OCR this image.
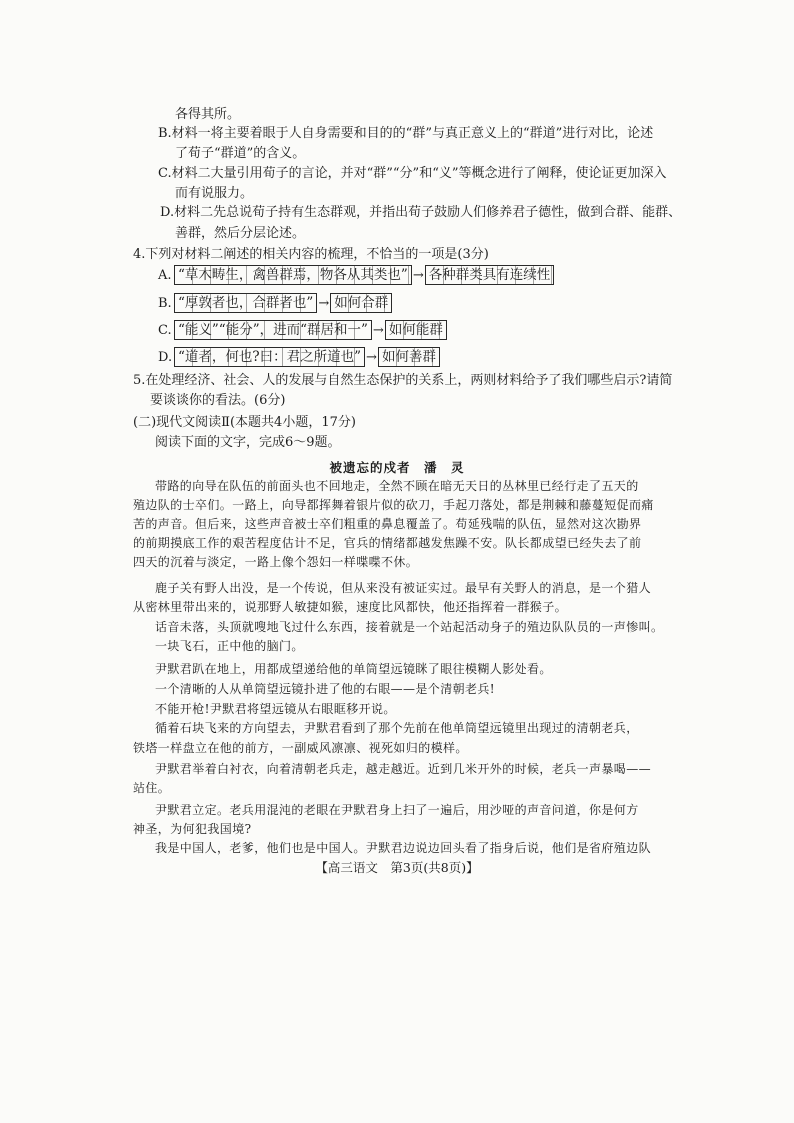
各得其所。
B.材料一将主要着眼于人自身需要和目的的“群”与真正意义上的“群道”进行对比，论述
了荀子“群道”的含义。
C.材料二大量引用荀子的言论，并对“群”“分”和“义”等概念进行了阐释，使论证更加深入
而有说服力。
D.材料二先总说荀子持有生态群观，并指出荀子鼓励人们修养君子德性，做到合群、能群、
善群，然后分层论述。
4.下列对材料二阐述的相关内容的梳理，不恰当的一项是(3分)
A. “草木畴生，禽兽群焉，物各从其类也” → 各种群类具有连续性
B. “厚敦者也，合群者也” → 如何合群
C. “能义”“能分”，进而“群居和一” → 如何能群
D. “道者，何也?曰：君之所道也” → 如何善群
5.在处理经济、社会、人的发展与自然生态保护的关系上，两则材料给予了我们哪些启示?请简
要谈谈你的看法。(6分)
(二)现代文阅读Ⅱ(本题共4小题，17分)
阅读下面的文字，完成6～9题。
被遗忘的戍者　潘　灵
带路的向导在队伍的前面头也不回地走，全然不顾在暗无天日的丛林里已经行走了五天的
殖边队的士卒们。一路上，向导都挥舞着银片似的砍刀，手起刀落处，都是荆棘和藤蔓短促而痛
苦的声音。但后来，这些声音被士卒们粗重的鼻息覆盖了。苟延残喘的队伍，显然对这次勘界
的前期摸底工作的艰苦程度估计不足，官兵的情绪都越发焦躁不安。队长都成望已经失去了前
四天的沉着与淡定，一路上像个怨妇一样喋喋不休。
鹿子关有野人出没，是一个传说，但从来没有被证实过。最早有关野人的消息，是一个猎人
从密林里带出来的，说那野人敏捷如猴，速度比风都快，他还指挥着一群猴子。
话音未落，头顶就嗖地飞过什么东西，接着就是一个站起活动身子的殖边队队员的一声惨叫。
一块飞石，正中他的脑门。
尹默君趴在地上，用都成望递给他的单筒望远镜眯了眼往模糊人影处看。
一个清晰的人从单筒望远镜扑进了他的右眼——是个清朝老兵!
不能开枪!尹默君将望远镜从右眼眶移开说。
循着石块飞来的方向望去，尹默君看到了那个先前在他单筒望远镜里出现过的清朝老兵，
铁塔一样盘立在他的前方，一副威风凛凛、视死如归的模样。
尹默君举着白衬衣，向着清朝老兵走，越走越近。近到几米开外的时候，老兵一声暴喝——
站住。
尹默君立定。老兵用混沌的老眼在尹默君身上扫了一遍后，用沙哑的声音问道，你是何方
神圣，为何犯我国境?
我是中国人，老爹，他们也是中国人。尹默君边说边回头看了指身后说，他们是省府殖边队
【高三语文　第3页(共8页)】
